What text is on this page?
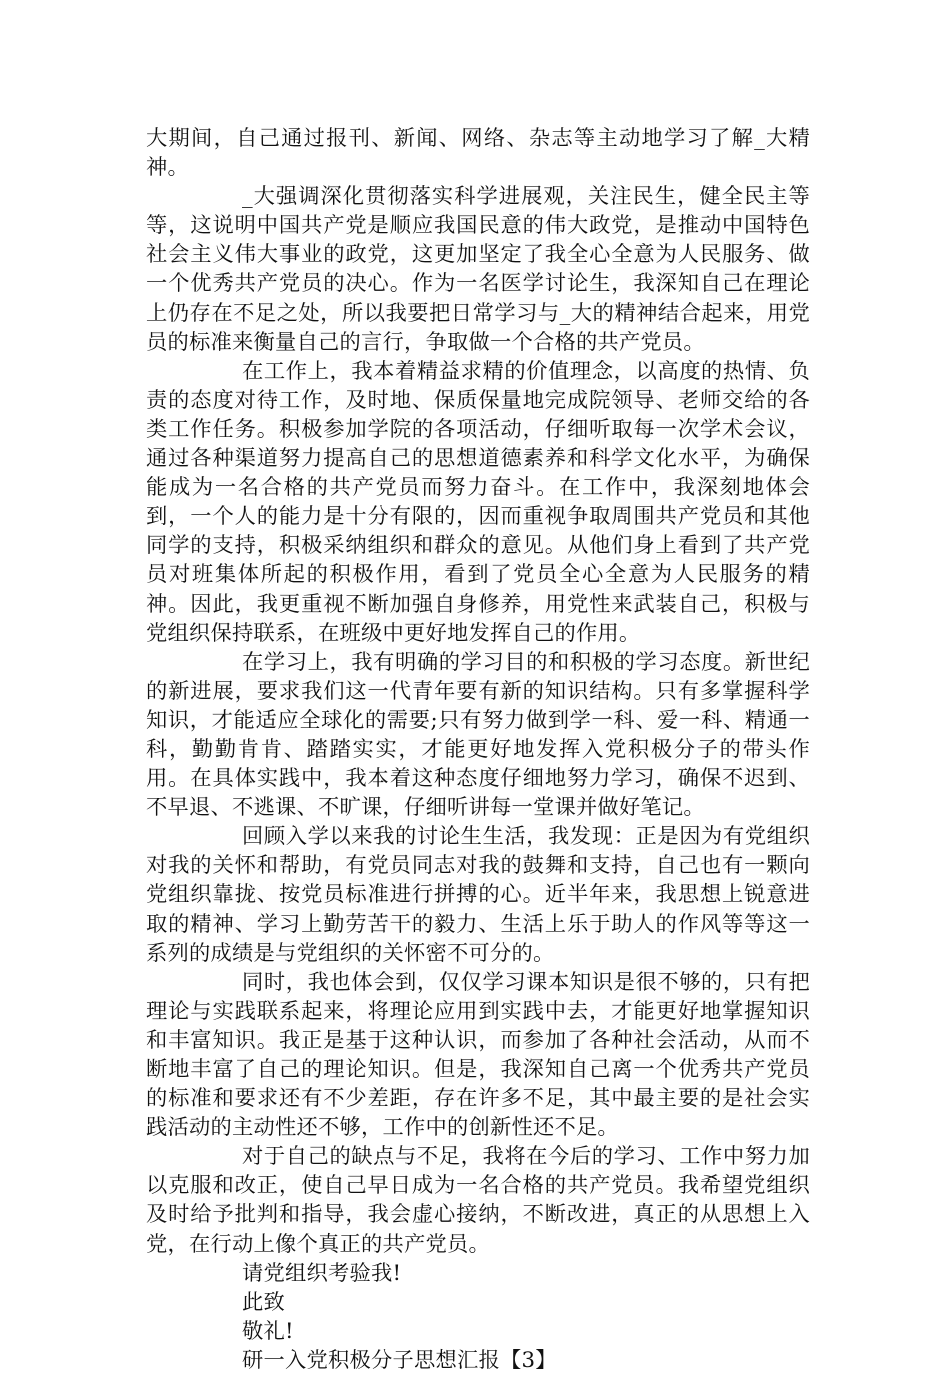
大期间，自己通过报刊、新闻、网络、杂志等主动地学习了解_大精神。

_大强调深化贯彻落实科学进展观，关注民生，健全民主等等，这说明中国共产党是顺应我国民意的伟大政党，是推动中国特色社会主义伟大事业的政党，这更加坚定了我全心全意为人民服务、做一个优秀共产党员的决心。作为一名医学讨论生，我深知自己在理论上仍存在不足之处，所以我要把日常学习与_大的精神结合起来，用党员的标准来衡量自己的言行，争取做一个合格的共产党员。

在工作上，我本着精益求精的价值理念，以高度的热情、负责的态度对待工作，及时地、保质保量地完成院领导、老师交给的各类工作任务。积极参加学院的各项活动，仔细听取每一次学术会议，通过各种渠道努力提高自己的思想道德素养和科学文化水平，为确保能成为一名合格的共产党员而努力奋斗。在工作中，我深刻地体会到，一个人的能力是十分有限的，因而重视争取周围共产党员和其他同学的支持，积极采纳组织和群众的意见。从他们身上看到了共产党员对班集体所起的积极作用，看到了党员全心全意为人民服务的精神。因此，我更重视不断加强自身修养，用党性来武装自己，积极与党组织保持联系，在班级中更好地发挥自己的作用。

在学习上，我有明确的学习目的和积极的学习态度。新世纪的新进展，要求我们这一代青年要有新的知识结构。只有多掌握科学知识，才能适应全球化的需要;只有努力做到学一科、爱一科、精通一科，勤勤肯肯、踏踏实实，才能更好地发挥入党积极分子的带头作用。在具体实践中，我本着这种态度仔细地努力学习，确保不迟到、不早退、不逃课、不旷课，仔细听讲每一堂课并做好笔记。

回顾入学以来我的讨论生生活，我发现：正是因为有党组织对我的关怀和帮助，有党员同志对我的鼓舞和支持，自己也有一颗向党组织靠拢、按党员标准进行拼搏的心。近半年来，我思想上锐意进取的精神、学习上勤劳苦干的毅力、生活上乐于助人的作风等等这一系列的成绩是与党组织的关怀密不可分的。

同时，我也体会到，仅仅学习课本知识是很不够的，只有把理论与实践联系起来，将理论应用到实践中去，才能更好地掌握知识和丰富知识。我正是基于这种认识，而参加了各种社会活动，从而不断地丰富了自己的理论知识。但是，我深知自己离一个优秀共产党员的标准和要求还有不少差距，存在许多不足，其中最主要的是社会实践活动的主动性还不够，工作中的创新性还不足。

对于自己的缺点与不足，我将在今后的学习、工作中努力加以克服和改正，使自己早日成为一名合格的共产党员。我希望党组织及时给予批判和指导，我会虚心接纳，不断改进，真正的从思想上入党，在行动上像个真正的共产党员。

请党组织考验我!

此致

敬礼!

研一入党积极分子思想汇报【3】
